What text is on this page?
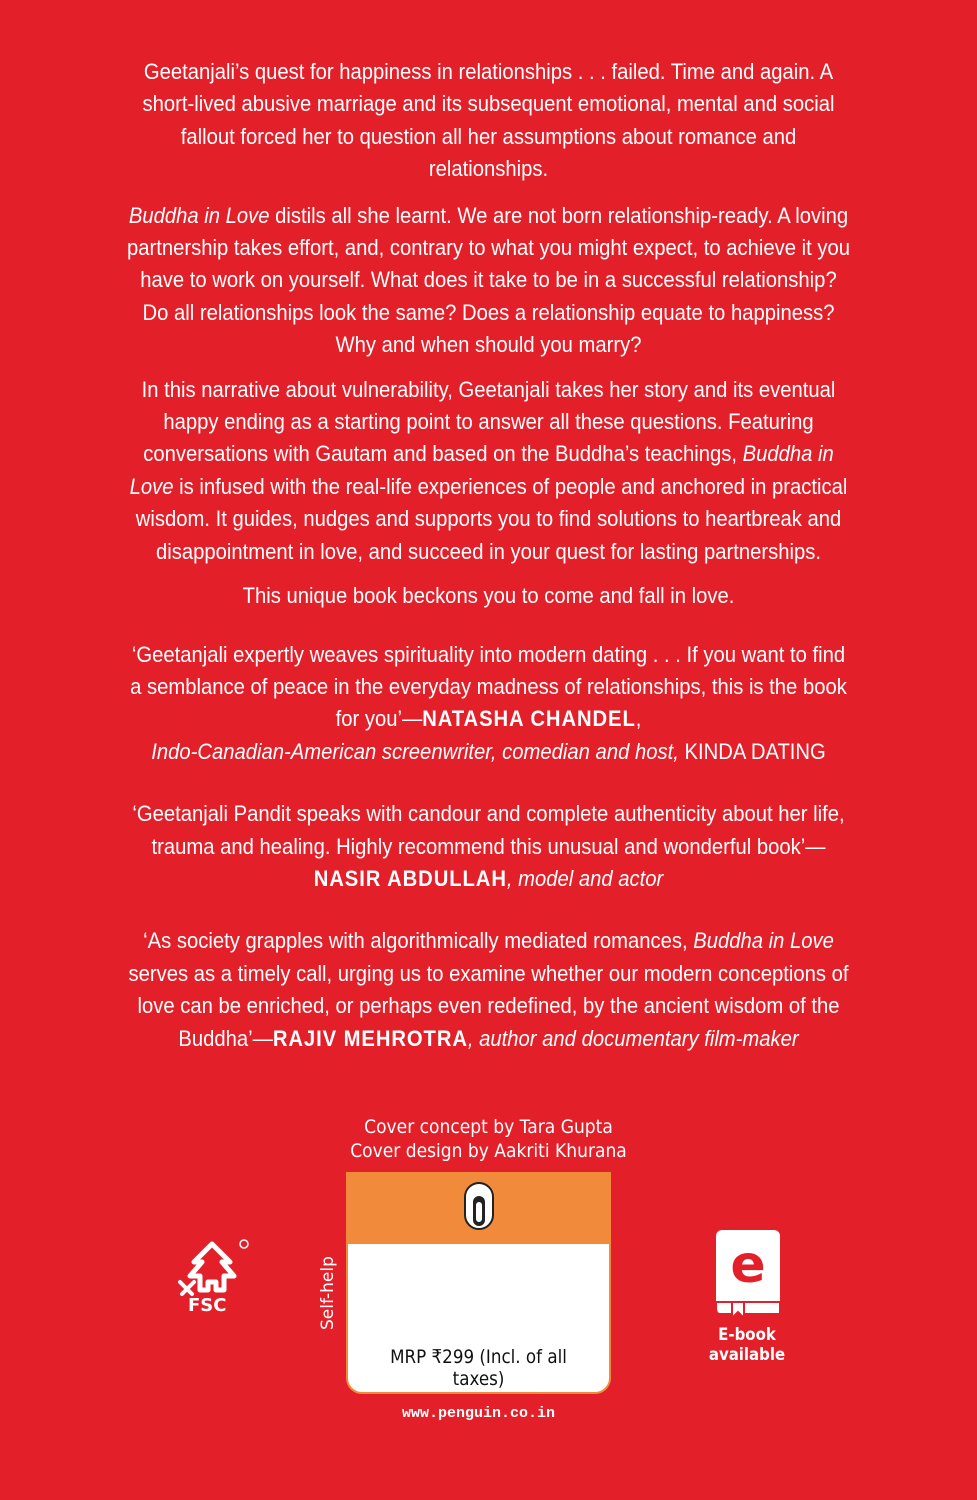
Geetanjali’s quest for happiness in relationships . . . failed. Time and again. A short-lived abusive marriage and its subsequent emotional, mental and social fallout forced her to question all her assumptions about romance and relationships.

Buddha in Love distils all she learnt. We are not born relationship-ready. A loving partnership takes effort, and, contrary to what you might expect, to achieve it you have to work on yourself. What does it take to be in a successful relationship? Do all relationships look the same? Does a relationship equate to happiness? Why and when should you marry?

In this narrative about vulnerability, Geetanjali takes her story and its eventual happy ending as a starting point to answer all these questions. Featuring conversations with Gautam and based on the Buddha’s teachings, Buddha in Love is infused with the real-life experiences of people and anchored in practical wisdom. It guides, nudges and supports you to find solutions to heartbreak and disappointment in love, and succeed in your quest for lasting partnerships.

This unique book beckons you to come and fall in love.

‘Geetanjali expertly weaves spirituality into modern dating . . . If you want to find a semblance of peace in the everyday madness of relationships, this is the book for you’—NATASHA CHANDEL,
Indo-Canadian-American screenwriter, comedian and host, KINDA DATING

‘Geetanjali Pandit speaks with candour and complete authenticity about her life, trauma and healing. Highly recommend this unusual and wonderful book’—NASIR ABDULLAH, model and actor

‘As society grapples with algorithmically mediated romances, Buddha in Love serves as a timely call, urging us to examine whether our modern conceptions of love can be enriched, or perhaps even redefined, by the ancient wisdom of the Buddha’—RAJIV MEHROTRA, author and documentary film-maker

Cover concept by Tara Gupta
Cover design by Aakriti Khurana
FSC	Self-help
MRP ₹299 (Incl. of all taxes)
www.penguin.co.in
e
E-book available
